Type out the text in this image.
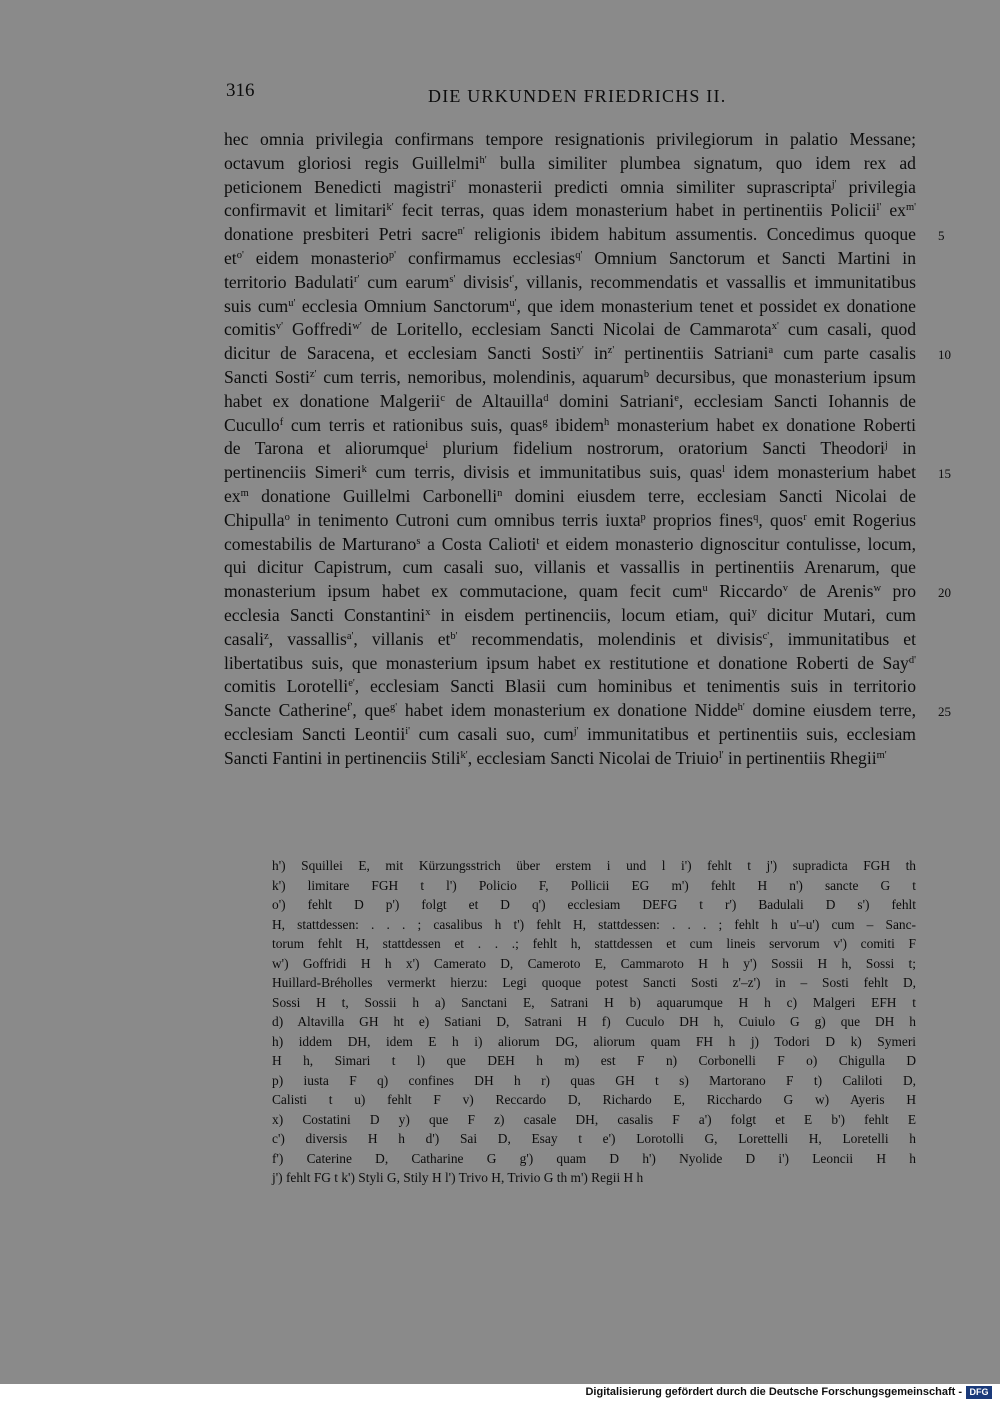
316	DIE URKUNDEN FRIEDRICHS II.
hec omnia privilegia confirmans tempore resignationis privilegiorum in palatio Messane;
octavum gloriosi regis Guillelmi$^{h'}$ bulla similiter plumbea signatum, quo idem rex ad
peticionem Benedicti magistri$^{i'}$ monasterii predicti omnia similiter suprascripta$^{j'}$ privilegia
confirmavit et limitari$^{k'}$ fecit terras, quas idem monasterium habet in pertinentiis Policii$^{l'}$ $ex^{m'}$
donatione presbiteri Petri sacre$^{n'}$ religionis ibidem habitum assumentis. Concedimus quoque
$et^{o'}$ eidem monasterio$^{p'}$ confirmamus ecclesias$^{q'}$ Omnium Sanctorum et Sancti Martini in
territorio Badulati$^{r'}$ cum earum$^{s'}$ divisis$^{t'}$, villanis, recommendatis et vassallis et immunitatibus
suis cum$^{u'}$ ecclesia Omnium Sanctorum$^{u'}$, que idem monasterium tenet et possidet ex donatione
comitis$^{v'}$ Goffredi$^{w'}$ de Loritello, ecclesiam Sancti Nicolai de Cammarota$^{x'}$ cum casali, quod
dicitur de Saracena, et ecclesiam Sancti Sosti$^{y'}$ $in^{z'}$ pertinentiis Satriani$^a$ cum parte casalis
Sancti Sosti$^{z'}$ cum terris, nemoribus, molendinis, aquarum$^b$ decursibus, que monasterium ipsum
habet ex donatione Malgerii$^c$ de Altauilla$^d$ domini Satriani$^e$, ecclesiam Sancti Iohannis de
Cucullo$^f$ cum terris et rationibus suis, quas$^g$ ibidem$^h$ monasterium habet ex donatione Roberti
de Tarona et aliorumque$^i$ plurium fidelium nostrorum, oratorium Sancti Theodori$^j$ in
pertinenciis Simeri$^k$ cum terris, divisis et immunitatibus suis, quas$^l$ idem monasterium habet
$ex^m$ donatione Guillelmi Carbonelli$^n$ domini eiusdem terre, ecclesiam Sancti Nicolai de
Chipulla$^o$ in tenimento Cutroni cum omnibus terris iuxta$^p$ proprios fines$^q$, quos$^r$ emit Rogerius
comestabilis de Marturano$^s$ a Costa Calioti$^t$ et eidem monasterio dignoscitur contulisse, locum,
qui dicitur Capistrum, cum casali suo, villanis et vassallis in pertinentiis Arenarum, que
monasterium ipsum habet ex commutacione, quam fecit cum$^u$ Riccardo$^v$ de Arenis$^w$ pro
ecclesia Sancti Constantini$^x$ in eisdem pertinenciis, locum etiam, qui$^y$ dicitur Mutari, cum
casali$^z$, vassallis$^{a'}$, villanis $et^{b'}$ recommendatis, molendinis et divisis$^{c'}$, immunitatibus et
libertatibus suis, que monasterium ipsum habet ex restitutione et donatione Roberti de Say$^{d'}$
comitis Lorotelli$^{e'}$, ecclesiam Sancti Blasii cum hominibus et tenimentis suis in territorio
Sancte Catherine$^{f'}$, que$^{g'}$ habet idem monasterium ex donatione Nidde$^{h'}$ domine eiusdem terre,
ecclesiam Sancti Leontii$^{i'}$ cum casali suo, cum$^{j'}$ immunitatibus et pertinentiis suis, ecclesiam
Sancti Fantini in pertinenciis Stili$^{k'}$, ecclesiam Sancti Nicolai de Triuio$^{l'}$ in pertinentiis Rhegii$^{m'}$
5
10
15
20
25
h') Squillei E, mit Kürzungsstrich über erstem i und l i') fehlt t j') supradicta FGH th
k') limitare FGH t l') Policio F, Pollicii EG m') fehlt H n') sancte G t
o') fehlt D p') folgt et D q') ecclesiam DEFG t r') Badulali D s') fehlt
H, stattdessen: . . . ; casalibus h t') fehlt H, stattdessen: . . . ; fehlt h u'–u') cum – Sanc-
torum fehlt H, stattdessen et . . .; fehlt h, stattdessen et cum lineis servorum v') comiti F
w') Goffridi H h x') Camerato D, Cameroto E, Cammaroto H h y') Sossii H h, Sossi t;
Huillard-Bréholles vermerkt hierzu: Legi quoque potest Sancti Sosti z'–z') in – Sosti fehlt D,
Sossi H t, Sossii h a) Sanctani E, Satrani H b) aquarumque H h c) Malgeri EFH t
d) Altavilla GH ht e) Satiani D, Satrani H f) Cuculo DH h, Cuiulo G g) que DH h
h) iddem DH, idem E h i) aliorum DG, aliorum quam FH h j) Todori D k) Symeri
H h, Simari t l) que DEH h m) est F n) Corbonelli F o) Chigulla D
p) iusta F q) confines DH h r) quas GH t s) Martorano F t) Caliloti D,
Calisti t u) fehlt F v) Reccardo D, Richardo E, Ricchardo G w) Ayeris H
x) Costatini D y) que F z) casale DH, casalis F a') folgt et E b') fehlt E
c') diversis H h d') Sai D, Esay t e') Lorotolli G, Lorettelli H, Loretelli h
f') Caterine D, Catharine G g') quam D h') Nyolide D i') Leoncii H h
j') fehlt FG t k') Styli G, Stily H l') Trivo H, Trivio G th m') Regii H h
Digitalisierung gefördert durch die Deutsche Forschungsgemeinschaft - DFG
